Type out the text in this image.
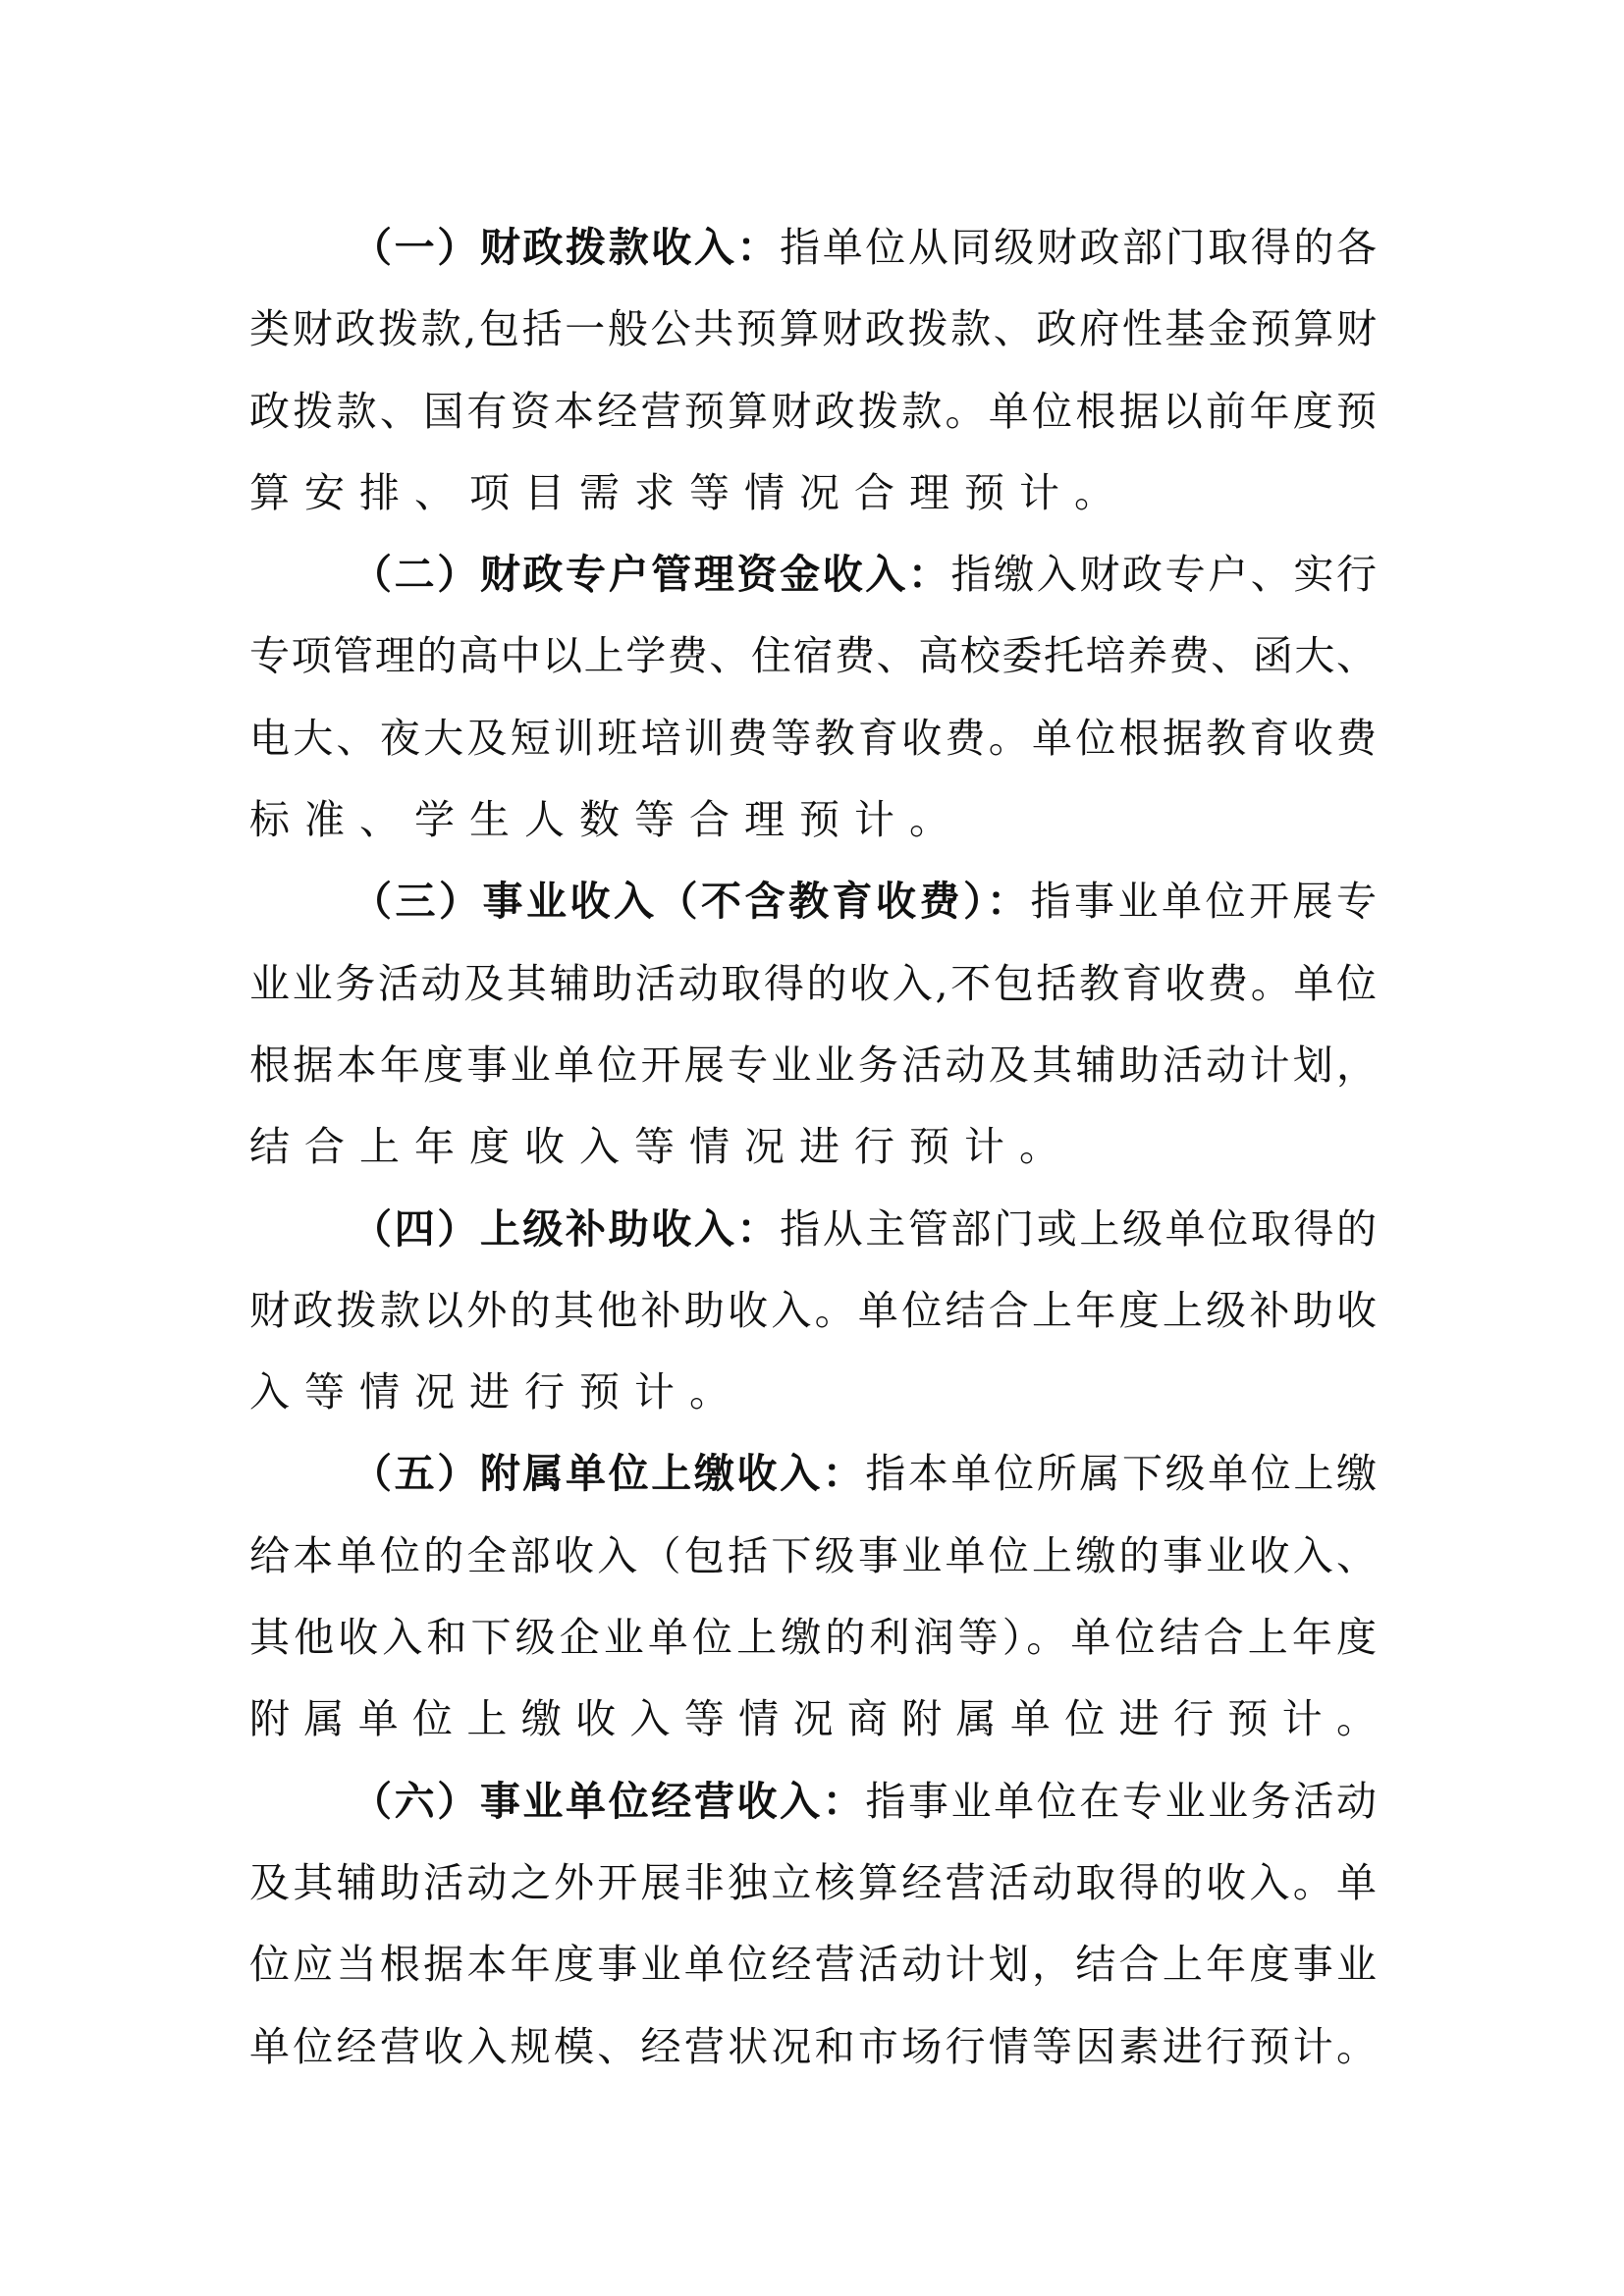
（一）财政拨款收入：指单位从同级财政部门取得的各
类财政拨款,包括一般公共预算财政拨款、政府性基金预算财
政拨款、国有资本经营预算财政拨款。单位根据以前年度预
算安排、项目需求等情况合理预计。
（二）财政专户管理资金收入：指缴入财政专户、实行
专项管理的高中以上学费、住宿费、高校委托培养费、函大、
电大、夜大及短训班培训费等教育收费。单位根据教育收费
标准、学生人数等合理预计。
（三）事业收入（不含教育收费）：指事业单位开展专
业业务活动及其辅助活动取得的收入,不包括教育收费。单位
根据本年度事业单位开展专业业务活动及其辅助活动计划，
结合上年度收入等情况进行预计。
（四）上级补助收入：指从主管部门或上级单位取得的
财政拨款以外的其他补助收入。单位结合上年度上级补助收
入等情况进行预计。
（五）附属单位上缴收入：指本单位所属下级单位上缴
给本单位的全部收入（包括下级事业单位上缴的事业收入、
其他收入和下级企业单位上缴的利润等）。单位结合上年度
附属单位上缴收入等情况商附属单位进行预计。
（六）事业单位经营收入：指事业单位在专业业务活动
及其辅助活动之外开展非独立核算经营活动取得的收入。单
位应当根据本年度事业单位经营活动计划，结合上年度事业
单位经营收入规模、经营状况和市场行情等因素进行预计。
